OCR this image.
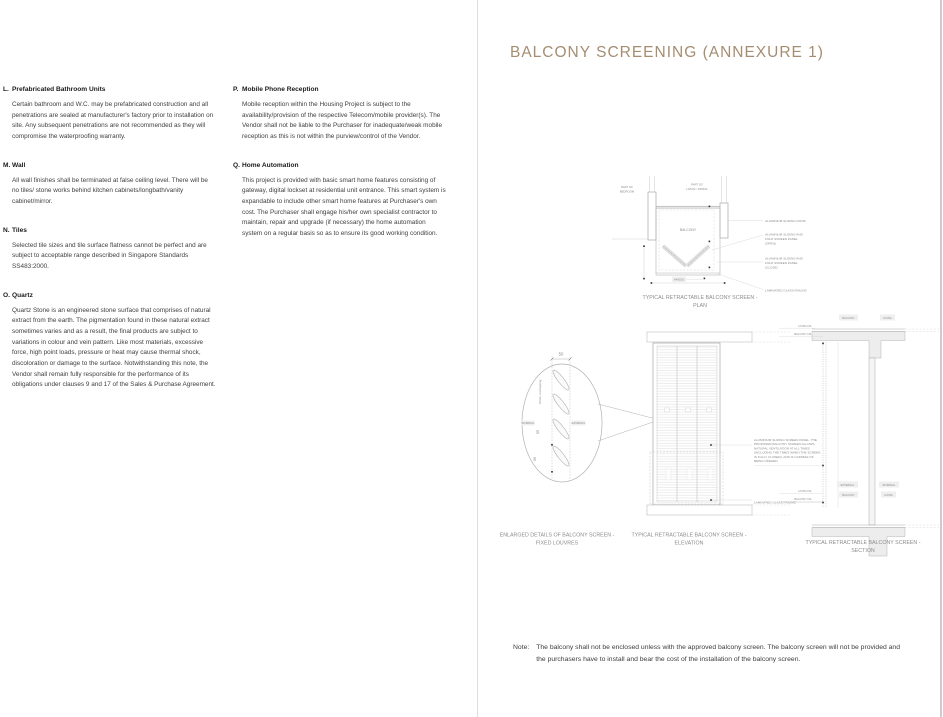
L. Prefabricated Bathroom Units

Certain bathroom and W.C. may be prefabricated construction and all penetrations are sealed at manufacturer's factory prior to installation on site. Any subsequent penetrations are not recommended as they will compromise the waterproofing warranty.

M. Wall

All wall finishes shall be terminated at false ceiling level. There will be no tiles/ stone works behind kitchen cabinets/longbath/vanity cabinet/mirror.

N. Tiles

Selected tile sizes and tile surface flatness cannot be perfect and are subject to acceptable range described in Singapore Standards SS483:2000.

O. Quartz

Quartz Stone is an engineered stone surface that comprises of natural extract from the earth. The pigmentation found in these natural extract sometimes varies and as a result, the final products are subject to variations in colour and vein pattern. Like most materials, excessive force, high point loads, pressure or heat may cause thermal shock, discoloration or damage to the surface. Notwithstanding this note, the Vendor shall remain fully responsible for the performance of its obligations under clauses 9 and 17 of the Sales & Purchase Agreement.

P. Mobile Phone Reception

Mobile reception within the Housing Project is subject to the availability/provision of the respective Telecom/mobile provider(s). The Vendor shall not be liable to the Purchaser for inadequate/weak mobile reception as this is not within the purview/control of the Vendor.

Q. Home Automation

This project is provided with basic smart home features consisting of gateway, digital lockset at residential unit entrance. This smart system is expandable to include other smart home features at Purchaser's own cost. The Purchaser shall engage his/her own specialist contractor to maintain, repair and upgrade (if necessary) the home automation system on a regular basis so as to ensure its good working condition.

BALCONY SCREENING (ANNEXURE 1)
PART OF
BEDROOM
PART OF
LIVING / DINING
BALCONY
HANDLE
ALUMINIUM SLIDING DOOR
ALUMINIUM SLIDING AND
FOLD SCREEN PANEL
(OPEN)
ALUMINIUM SLIDING AND
FOLD SCREEN PANEL
(CLOSE)
LAMINATED GLASS RAILING
TYPICAL RETRACTABLE BALCONY SCREEN -
PLAN
50
10mm overlapping
55
60
INTERNAL	EXTERNAL
ENLARGED DETAILS OF BALCONY SCREEN -
FIXED LOUVRES
ALUMINIUM SLIDING SCREEN PANEL. THE
PROPOSED BALCONY SCREEN ALLOWS
NATURAL VENTILATION AT ALL TIMES
(INCLUDING THE TIMES WHEN THE SCREEN
IS FULLY CLOSED), AND IS CAPABLE OF
BEING OPENED
LAMINATED GLASS RAILING
TYPICAL RETRACTABLE BALCONY SCREEN -
ELEVATION
BALCONY	LIVING
LIVING FFL
BALCONY FFL
LIVING FFL
BALCONY FFL
EXTERNAL	INTERNAL
BALCONY	LIVING
TYPICAL RETRACTABLE BALCONY SCREEN -
SECTION
Note: The balcony shall not be enclosed unless with the approved balcony screen. The balcony screen will not be provided and
the purchasers have to install and bear the cost of the installation of the balcony screen.
